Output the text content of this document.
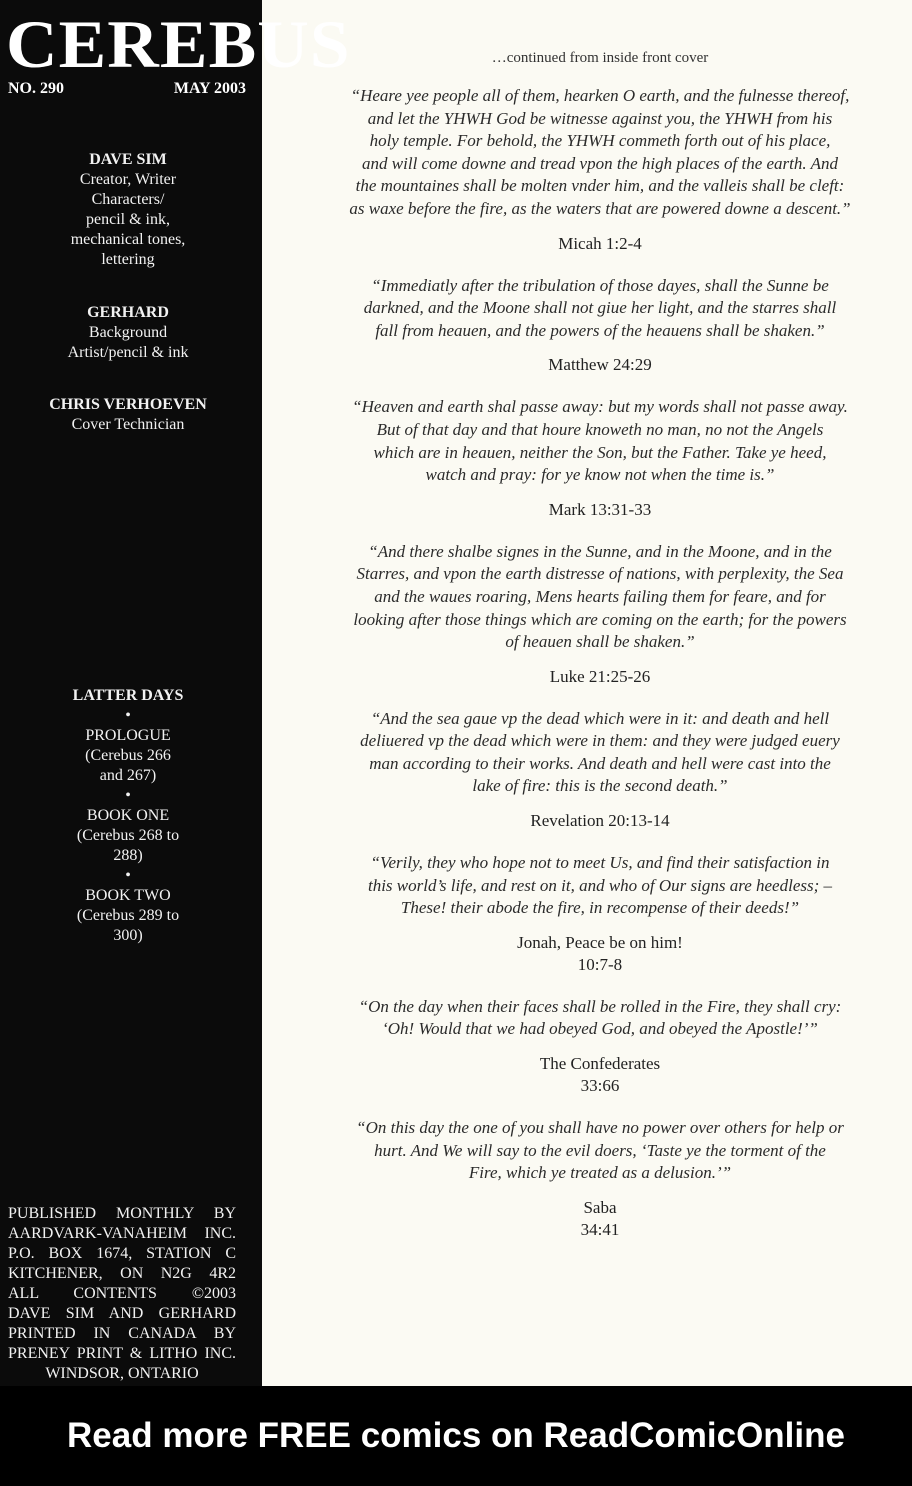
CEREBUS
NO. 290	MAY 2003
DAVE SIM
Creator, Writer
Characters/
pencil & ink,
mechanical tones,
lettering
GERHARD
Background
Artist/pencil & ink
CHRIS VERHOEVEN
Cover Technician
LATTER DAYS
•
PROLOGUE
(Cerebus 266
and 267)
•
BOOK ONE
(Cerebus 268 to
288)
•
BOOK TWO
(Cerebus 289 to
300)
PUBLISHED MONTHLY BY
AARDVARK-VANAHEIM INC.
P.O. BOX 1674, STATION C
KITCHENER, ON N2G 4R2
ALL CONTENTS ©2003
DAVE SIM AND GERHARD
PRINTED IN CANADA BY
PRENEY PRINT & LITHO INC.
WINDSOR, ONTARIO

…continued from inside front cover

“Heare yee people all of them, hearken O earth, and the fulnesse thereof,
and let the YHWH God be witnesse against you, the YHWH from his
holy temple. For behold, the YHWH commeth forth out of his place,
and will come downe and tread vpon the high places of the earth. And
the mountaines shall be molten vnder him, and the valleis shall be cleft:
as waxe before the fire, as the waters that are powered downe a descent.”
Micah 1:2-4
“Immediatly after the tribulation of those dayes, shall the Sunne be
darkned, and the Moone shall not giue her light, and the starres shall
fall from heauen, and the powers of the heauens shall be shaken.”
Matthew 24:29
“Heaven and earth shal passe away: but my words shall not passe away.
But of that day and that houre knoweth no man, no not the Angels
which are in heauen, neither the Son, but the Father. Take ye heed,
watch and pray: for ye know not when the time is.”
Mark 13:31-33
“And there shalbe signes in the Sunne, and in the Moone, and in the
Starres, and vpon the earth distresse of nations, with perplexity, the Sea
and the waues roaring, Mens hearts failing them for feare, and for
looking after those things which are coming on the earth; for the powers
of heauen shall be shaken.”
Luke 21:25-26
“And the sea gaue vp the dead which were in it: and death and hell
deliuered vp the dead which were in them: and they were judged euery
man according to their works. And death and hell were cast into the
lake of fire: this is the second death.”
Revelation 20:13-14
“Verily, they who hope not to meet Us, and find their satisfaction in
this world’s life, and rest on it, and who of Our signs are heedless; –
These! their abode the fire, in recompense of their deeds!”
Jonah, Peace be on him!
10:7-8
“On the day when their faces shall be rolled in the Fire, they shall cry:
‘Oh! Would that we had obeyed God, and obeyed the Apostle!’”
The Confederates
33:66
“On this day the one of you shall have no power over others for help or
hurt. And We will say to the evil doers, ‘Taste ye the torment of the
Fire, which ye treated as a delusion.’”
Saba
34:41
Read more FREE comics on ReadComicOnline
